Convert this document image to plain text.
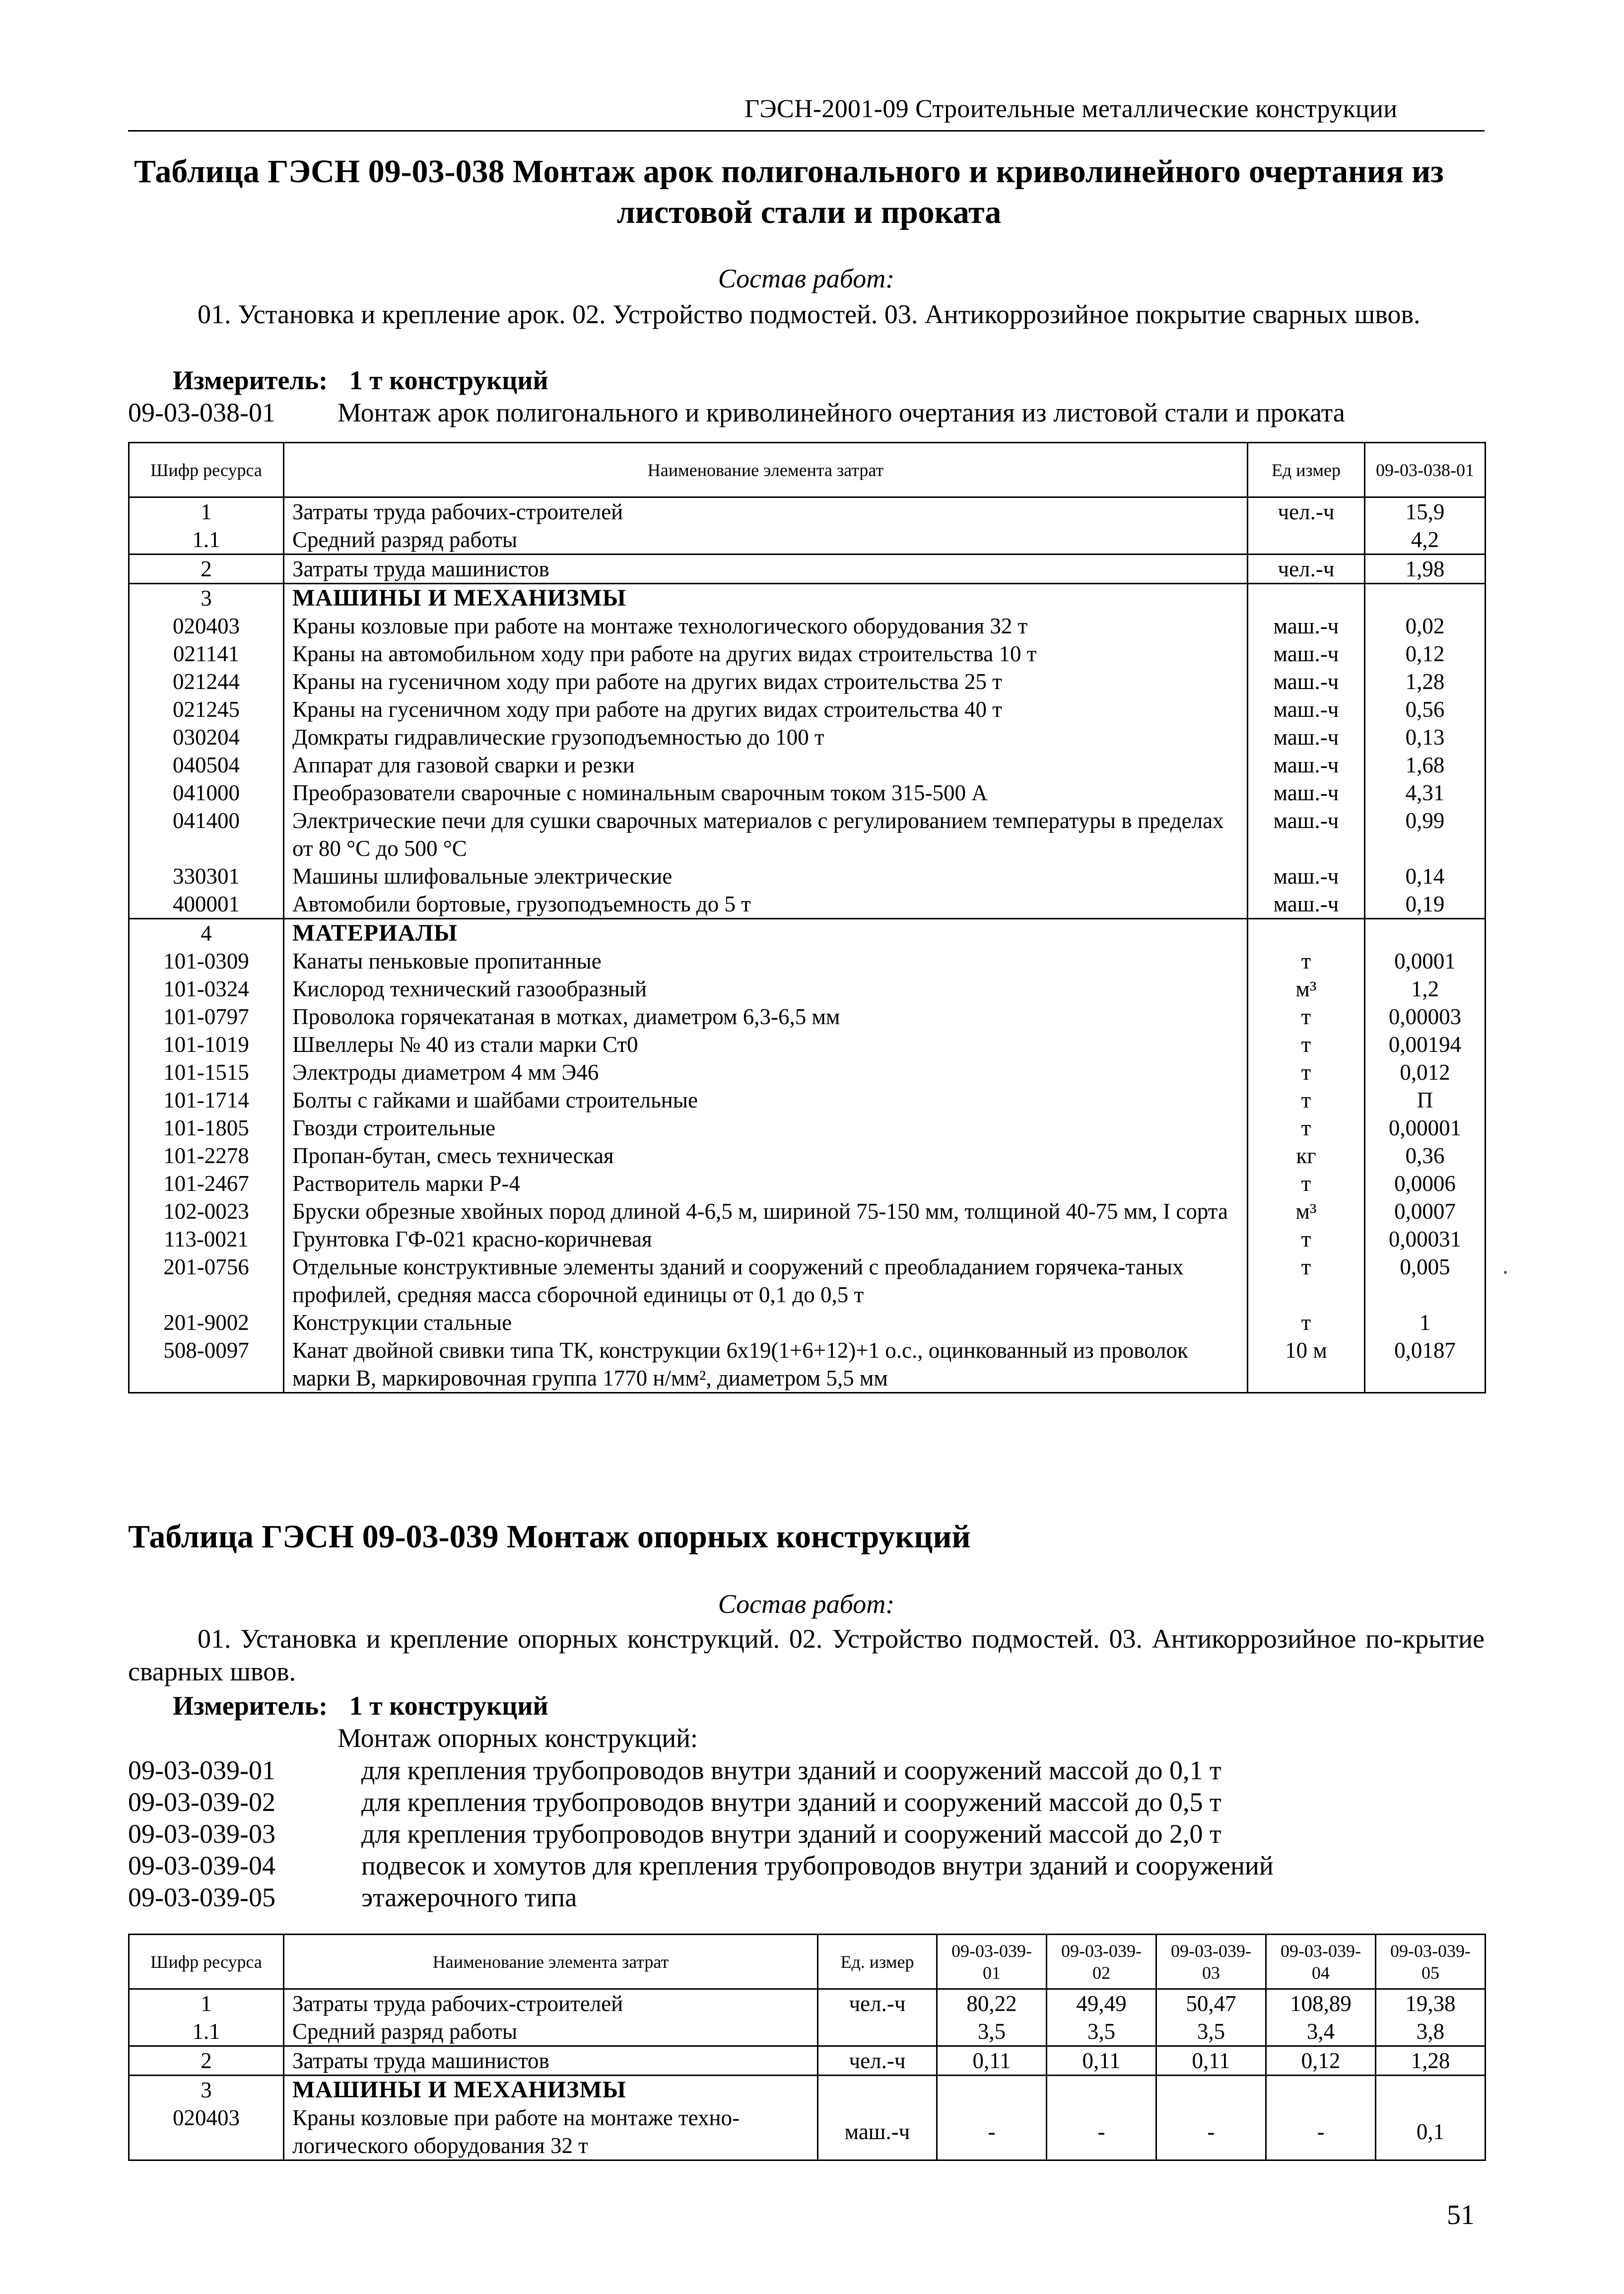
ГЭСН-2001-09 Строительные металлические конструкции
Таблица ГЭСН 09-03-038 Монтаж арок полигонального и криволинейного очертания из
листовой стали и проката
Состав работ:
01. Установка и крепление арок. 02. Устройство подмостей. 03. Антикоррозийное покрытие сварных швов.
Измеритель: 1 т конструкций
09-03-038-01 Монтаж арок полигонального и криволинейного очертания из листовой стали и проката
Шифр ресурса	Наименование элемента затрат	Ед измер	09-03-038-01
1	Затраты труда рабочих-строителей	чел.-ч	15,9
1.1	Средний разряд работы		4,2
2	Затраты труда машинистов	чел.-ч	1,98
3	МАШИНЫ И МЕХАНИЗМЫ		
020403	Краны козловые при работе на монтаже технологического оборудования 32 т	маш.-ч	0,02
021141	Краны на автомобильном ходу при работе на других видах строительства 10 т	маш.-ч	0,12
021244	Краны на гусеничном ходу при работе на других видах строительства 25 т	маш.-ч	1,28
021245	Краны на гусеничном ходу при работе на других видах строительства 40 т	маш.-ч	0,56
030204	Домкраты гидравлические грузоподъемностью до 100 т	маш.-ч	0,13
040504	Аппарат для газовой сварки и резки	маш.-ч	1,68
041000	Преобразователи сварочные с номинальным сварочным током 315-500 А	маш.-ч	4,31
041400	Электрические печи для сушки сварочных материалов с регулированием температуры в пределах от 80 °С до 500 °С	маш.-ч	0,99
330301	Машины шлифовальные электрические	маш.-ч	0,14
400001	Автомобили бортовые, грузоподъемность до 5 т	маш.-ч	0,19
4	МАТЕРИАЛЫ		
101-0309	Канаты пеньковые пропитанные	т	0,0001
101-0324	Кислород технический газообразный	м³	1,2
101-0797	Проволока горячекатаная в мотках, диаметром 6,3-6,5 мм	т	0,00003
101-1019	Швеллеры № 40 из стали марки Ст0	т	0,00194
101-1515	Электроды диаметром 4 мм Э46	т	0,012
101-1714	Болты с гайками и шайбами строительные	т	П
101-1805	Гвозди строительные	т	0,00001
101-2278	Пропан-бутан, смесь техническая	кг	0,36
101-2467	Растворитель марки Р-4	т	0,0006
102-0023	Бруски обрезные хвойных пород длиной 4-6,5 м, шириной 75-150 мм, толщиной 40-75 мм, I сорта	м³	0,0007
113-0021	Грунтовка ГФ-021 красно-коричневая	т	0,00031
201-0756	Отдельные конструктивные элементы зданий и сооружений с преобладанием горячека-таных профилей, средняя масса сборочной единицы от 0,1 до 0,5 т	т	0,005
201-9002	Конструкции стальные	т	1
508-0097	Канат двойной свивки типа ТК, конструкции 6х19(1+6+12)+1 о.с., оцинкованный из проволок марки В, маркировочная группа 1770 н/мм², диаметром 5,5 мм	10 м	0,0187
Таблица ГЭСН 09-03-039 Монтаж опорных конструкций
Состав работ:
01. Установка и крепление опорных конструкций. 02. Устройство подмостей. 03. Антикоррозийное по-крытие сварных швов.
Измеритель: 1 т конструкций
Монтаж опорных конструкций:
09-03-039-01	для крепления трубопроводов внутри зданий и сооружений массой до 0,1 т
09-03-039-02	для крепления трубопроводов внутри зданий и сооружений массой до 0,5 т
09-03-039-03	для крепления трубопроводов внутри зданий и сооружений массой до 2,0 т
09-03-039-04	подвесок и хомутов для крепления трубопроводов внутри зданий и сооружений
09-03-039-05	этажерочного типа
Шифр ресурса	Наименование элемента затрат	Ед. измер	09-03-039-01	09-03-039-02	09-03-039-03	09-03-039-04	09-03-039-05
1	Затраты труда рабочих-строителей	чел.-ч	80,22	49,49	50,47	108,89	19,38
1.1	Средний разряд работы		3,5	3,5	3,5	3,4	3,8
2	Затраты труда машинистов	чел.-ч	0,11	0,11	0,11	0,12	1,28
3	МАШИНЫ И МЕХАНИЗМЫ						
020403	Краны козловые при работе на монтаже техно-логического оборудования 32 т	маш.-ч	-	-	-	-	0,1
51
